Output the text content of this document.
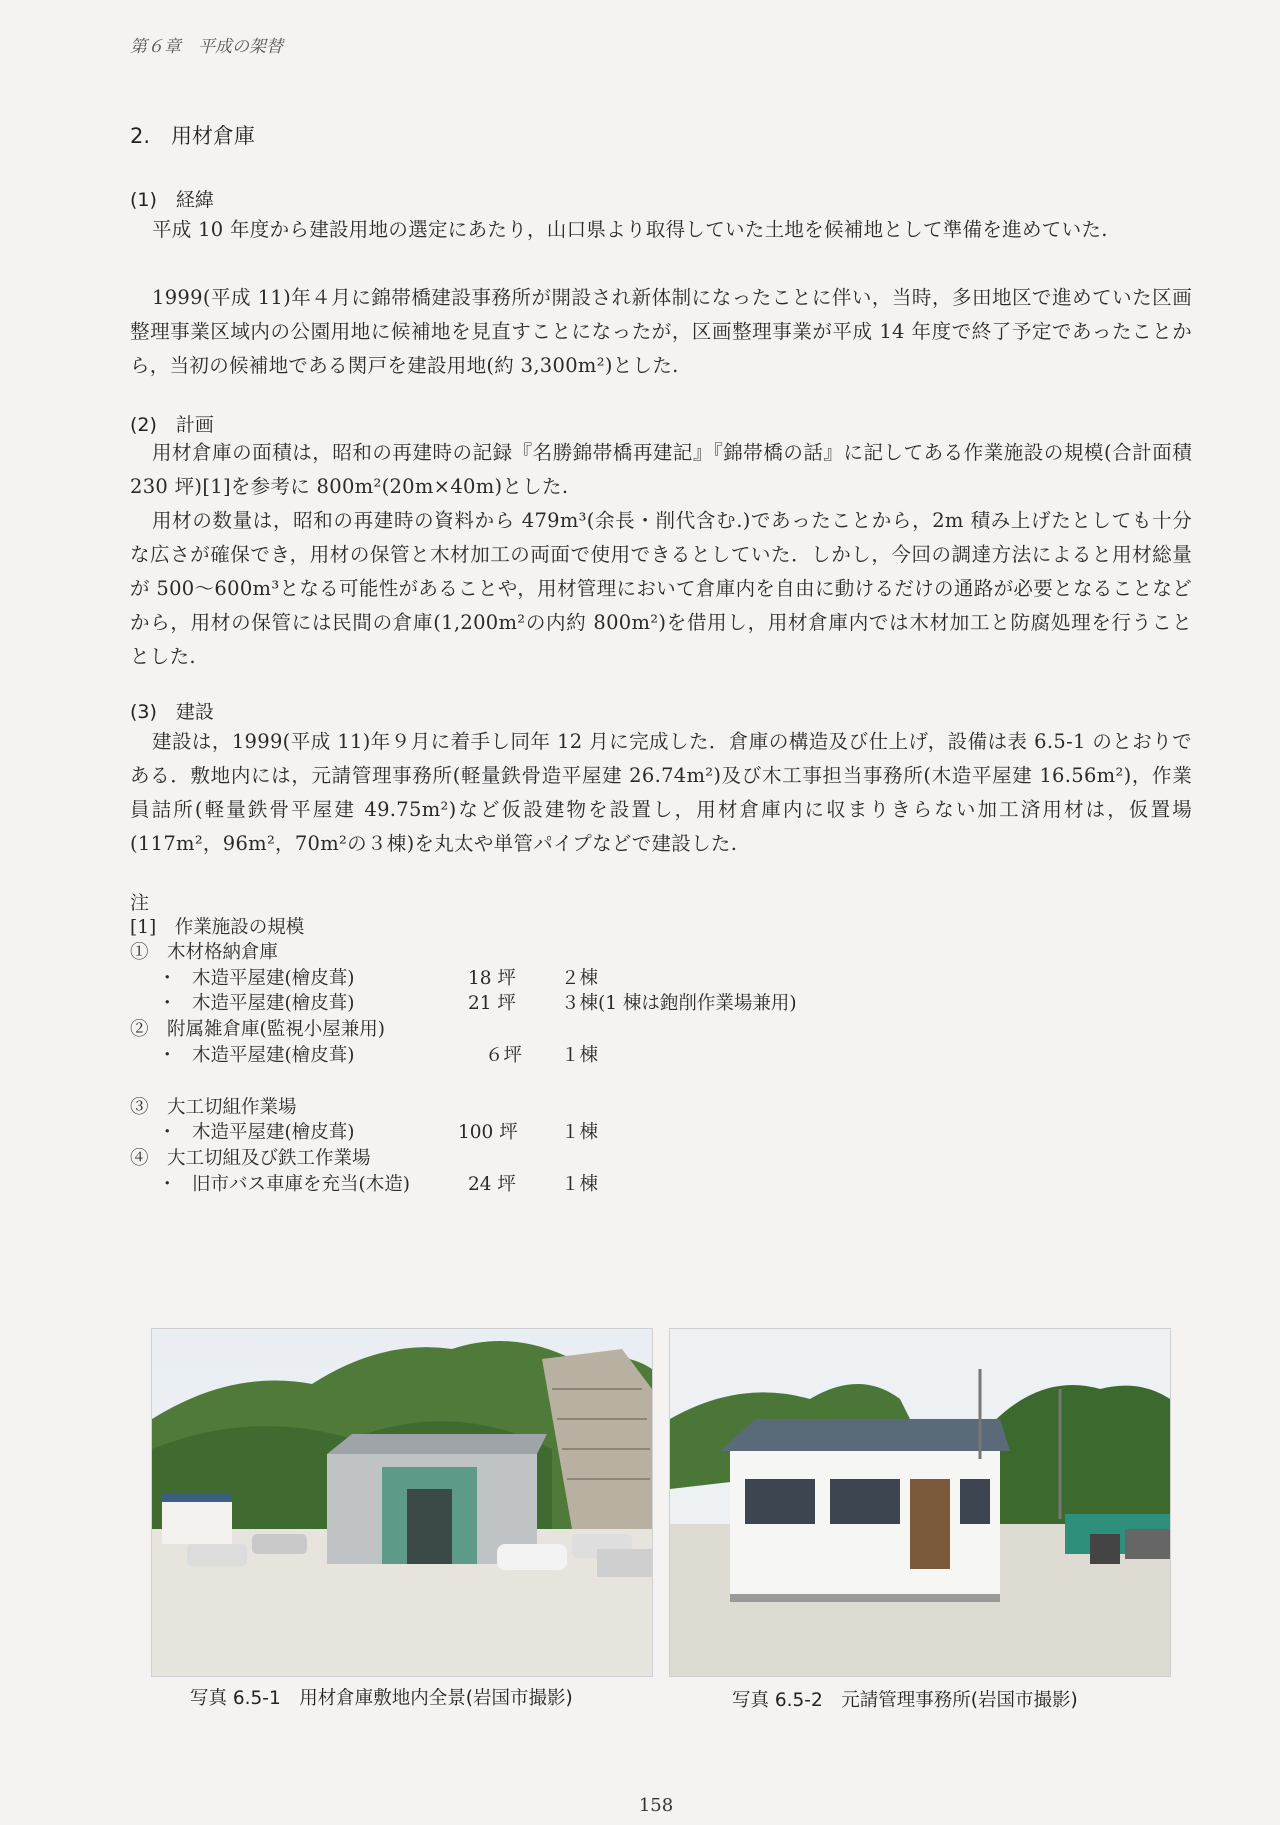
第６章　平成の架替
2.　用材倉庫
(1)　経緯

平成 10 年度から建設用地の選定にあたり，山口県より取得していた土地を候補地として準備を進めていた.

1999(平成 11)年４月に錦帯橋建設事務所が開設され新体制になったことに伴い，当時，多田地区で進めていた区画整理事業区域内の公園用地に候補地を見直すことになったが，区画整理事業が平成 14 年度で終了予定であったことから，当初の候補地である関戸を建設用地(約 3,300m²)とした.

(2)　計画

用材倉庫の面積は，昭和の再建時の記録『名勝錦帯橋再建記』『錦帯橋の話』に記してある作業施設の規模(合計面積 230 坪)[1]を参考に 800m²(20m×40m)とした.

用材の数量は，昭和の再建時の資料から 479m³(余長・削代含む.)であったことから，2m 積み上げたとしても十分な広さが確保でき，用材の保管と木材加工の両面で使用できるとしていた．しかし，今回の調達方法によると用材総量が 500～600m³となる可能性があることや，用材管理において倉庫内を自由に動けるだけの通路が必要となることなどから，用材の保管には民間の倉庫(1,200m²の内約 800m²)を借用し，用材倉庫内では木材加工と防腐処理を行うこととした.

(3)　建設

建設は，1999(平成 11)年９月に着手し同年 12 月に完成した．倉庫の構造及び仕上げ，設備は表 6.5-1 のとおりである．敷地内には，元請管理事務所(軽量鉄骨造平屋建 26.74m²)及び木工事担当事務所(木造平屋建 16.56m²)，作業員詰所(軽量鉄骨平屋建 49.75m²)など仮設建物を設置し，用材倉庫内に収まりきらない加工済用材は，仮置場(117m²，96m²，70m²の３棟)を丸太や単管パイプなどで建設した.

注
[1]　作業施設の規模
①　木材格納倉庫
・ 木造平屋建(檜皮葺)	18 坪 ２棟
・ 木造平屋建(檜皮葺)	21 坪 ３棟(1 棟は鉋削作業場兼用)
②　附属雑倉庫(監視小屋兼用)
・ 木造平屋建(檜皮葺)	６坪 １棟
③　大工切組作業場
・ 木造平屋建(檜皮葺)	100 坪 １棟
④　大工切組及び鉄工作業場
・ 旧市バス車庫を充当(木造)	24 坪 １棟
写真 6.5-1　用材倉庫敷地内全景(岩国市撮影)	写真 6.5-2　元請管理事務所(岩国市撮影)
158
